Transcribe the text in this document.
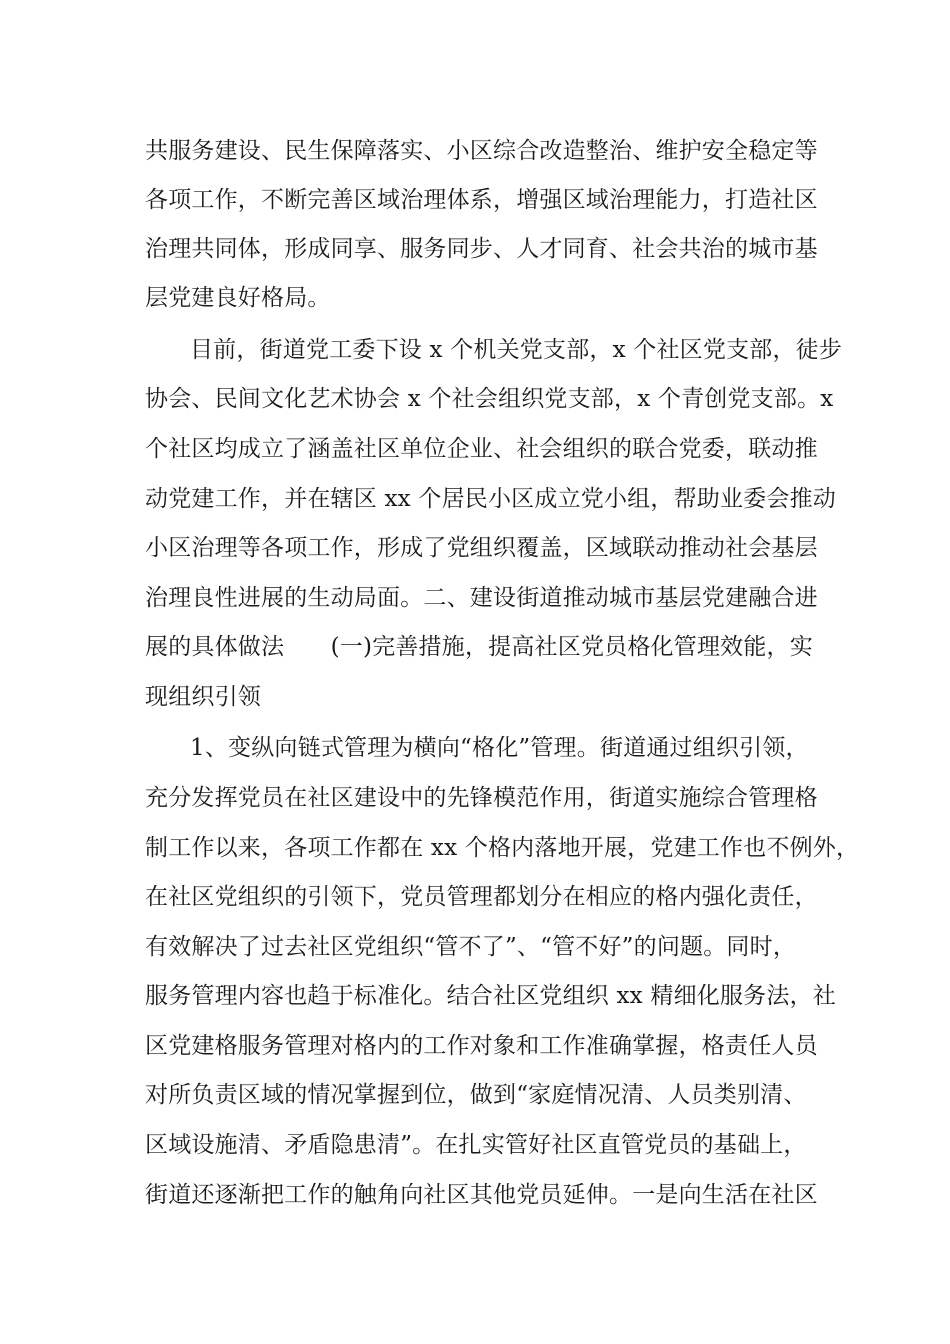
共服务建设、民生保障落实、小区综合改造整治、维护安全稳定等
各项工作，不断完善区域治理体系，增强区域治理能力，打造社区
治理共同体，形成同享、服务同步、人才同育、社会共治的城市基
层党建良好格局。
目前，街道党工委下设 x 个机关党支部，x 个社区党支部，徒步
协会、民间文化艺术协会 x 个社会组织党支部，x 个青创党支部。x
个社区均成立了涵盖社区单位企业、社会组织的联合党委，联动推
动党建工作，并在辖区 xx 个居民小区成立党小组，帮助业委会推动
小区治理等各项工作，形成了党组织覆盖，区域联动推动社会基层
治理良性进展的生动局面。二、建设街道推动城市基层党建融合进
展的具体做法　　(一)完善措施，提高社区党员格化管理效能，实
现组织引领
1、变纵向链式管理为横向“格化”管理。街道通过组织引领，
充分发挥党员在社区建设中的先锋模范作用，街道实施综合管理格
制工作以来，各项工作都在 xx 个格内落地开展，党建工作也不例外，
在社区党组织的引领下，党员管理都划分在相应的格内强化责任，
有效解决了过去社区党组织“管不了”、“管不好”的问题。同时，
服务管理内容也趋于标准化。结合社区党组织 xx 精细化服务法，社
区党建格服务管理对格内的工作对象和工作准确掌握，格责任人员
对所负责区域的情况掌握到位，做到“家庭情况清、人员类别清、
区域设施清、矛盾隐患清”。在扎实管好社区直管党员的基础上，
街道还逐渐把工作的触角向社区其他党员延伸。一是向生活在社区
